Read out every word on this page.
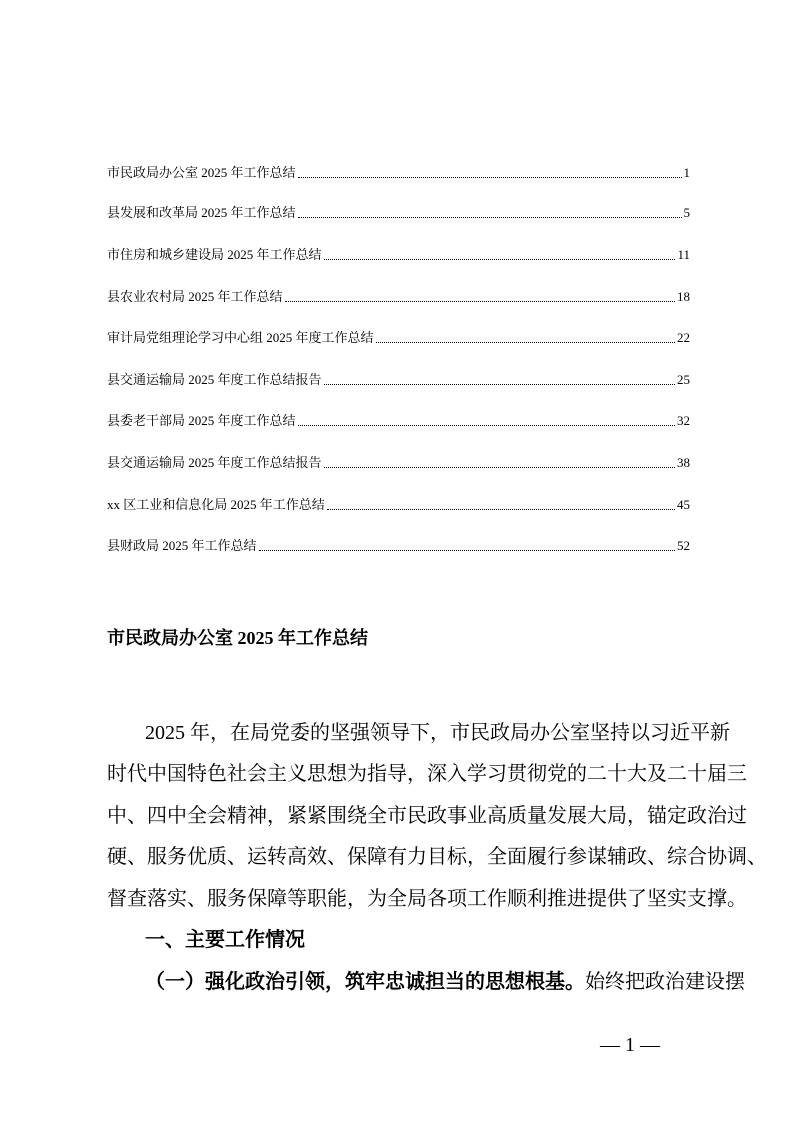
市民政局办公室 2025 年工作总结	1
县发展和改革局 2025 年工作总结	5
市住房和城乡建设局 2025 年工作总结	11
县农业农村局 2025 年工作总结	18
审计局党组理论学习中心组 2025 年度工作总结	22
县交通运输局 2025 年度工作总结报告	25
县委老干部局 2025 年度工作总结	32
县交通运输局 2025 年度工作总结报告	38
xx 区工业和信息化局 2025 年工作总结	45
县财政局 2025 年工作总结	52
市民政局办公室 2025 年工作总结
2025 年，在局党委的坚强领导下，市民政局办公室坚持以习近平新
时代中国特色社会主义思想为指导，深入学习贯彻党的二十大及二十届三
中、四中全会精神，紧紧围绕全市民政事业高质量发展大局，锚定政治过
硬、服务优质、运转高效、保障有力目标，全面履行参谋辅政、综合协调、
督查落实、服务保障等职能，为全局各项工作顺利推进提供了坚实支撑。
一、主要工作情况
（一）强化政治引领，筑牢忠诚担当的思想根基。始终把政治建设摆
— 1 —
